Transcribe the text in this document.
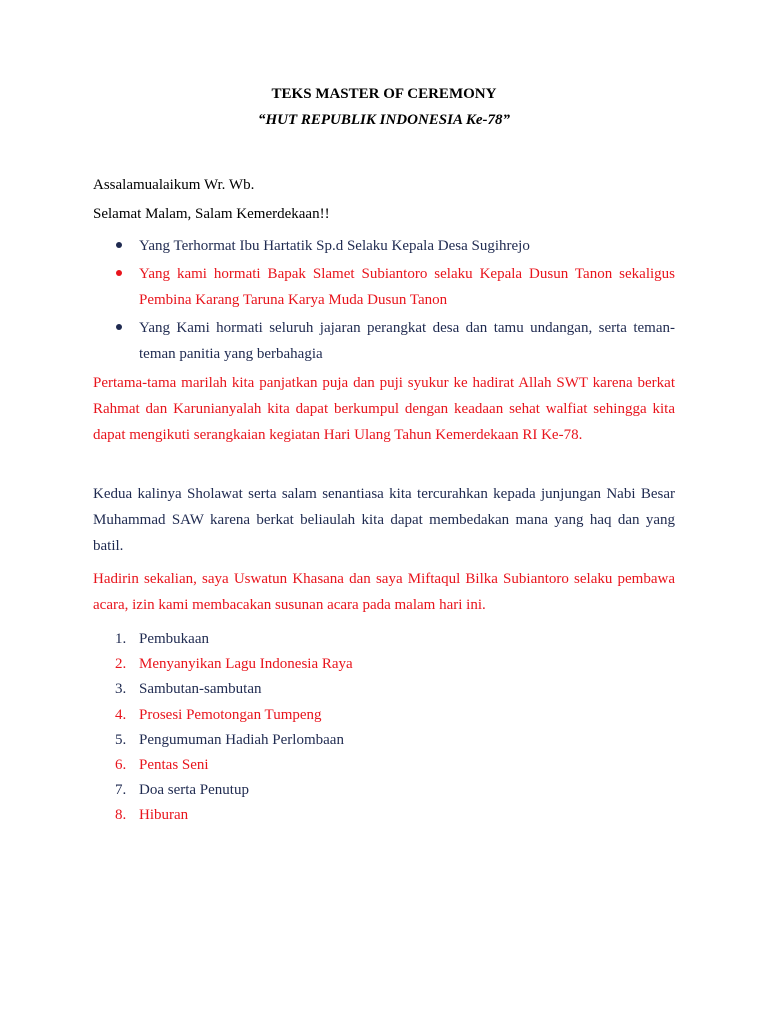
TEKS MASTER OF CEREMONY
“HUT REPUBLIK INDONESIA Ke-78”
Assalamualaikum Wr. Wb.
Selamat Malam, Salam Kemerdekaan!!
Yang Terhormat Ibu Hartatik Sp.d Selaku Kepala Desa Sugihrejo
Yang kami hormati Bapak Slamet Subiantoro selaku Kepala Dusun Tanon sekaligus Pembina Karang Taruna Karya Muda Dusun Tanon
Yang Kami hormati seluruh jajaran perangkat desa dan tamu undangan, serta teman-teman panitia yang berbahagia

Pertama-tama marilah kita panjatkan puja dan puji syukur ke hadirat Allah SWT karena berkat Rahmat dan Karunianyalah kita dapat berkumpul dengan keadaan sehat walfiat sehingga kita dapat mengikuti serangkaian kegiatan Hari Ulang Tahun Kemerdekaan RI Ke-78.

Kedua kalinya Sholawat serta salam senantiasa kita tercurahkan kepada junjungan Nabi Besar Muhammad SAW karena berkat beliaulah kita dapat membedakan mana yang haq dan yang batil.

Hadirin sekalian, saya Uswatun Khasana dan saya Miftaqul Bilka Subiantoro selaku pembawa acara, izin kami membacakan susunan acara pada malam hari ini.

1. Pembukaan
2. Menyanyikan Lagu Indonesia Raya
3. Sambutan-sambutan
4. Prosesi Pemotongan Tumpeng
5. Pengumuman Hadiah Perlombaan
6. Pentas Seni
7. Doa serta Penutup
8. Hiburan
